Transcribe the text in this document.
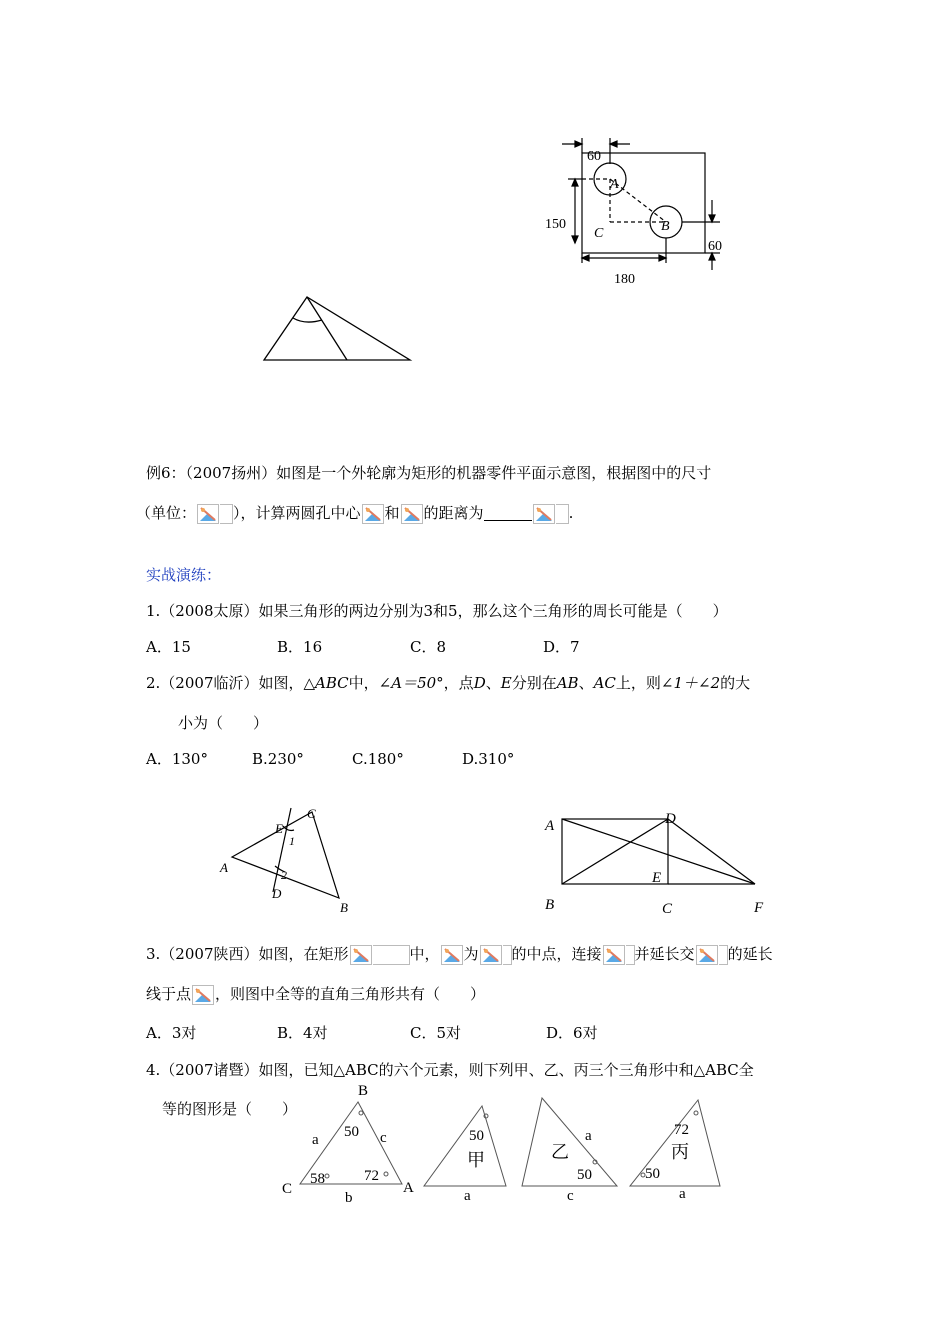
60
A
B
C
150
60
180
例6：（2007扬州）如图是一个外轮廓为矩形的机器零件平面示意图，根据图中的尺寸
（单位： ），计算两圆孔中心 和 的距离为	.
实战演练：
1.（2008太原）如果三角形的两边分别为3和5，那么这个三角形的周长可能是（　　）
A．15	B．16	C．8	D．7
2.（2007临沂）如图，△ABC中，∠A＝50°，点D、E分别在AB、AC上，则∠1＋∠2的大
小为（　　）
A．130°	B.230°	C.180°	D.310°
C
E
1
A	2
D
B
A	D
E
B	C	F
3.（2007陕西）如图，在矩形	中， 为 的中点，连接 并延长交 的延长
线于点 ，则图中全等的直角三角形共有（　　）
A．3对	B．4对	C．5对	D．6对
4.（2007诸暨）如图，已知△ABC的六个元素，则下列甲、乙、丙三个三角形中和△ABC全
等的图形是（　　）
B
50
a	c
58	72
C	A
b
50
甲
a
a
乙
50
c
72
丙
50
a
